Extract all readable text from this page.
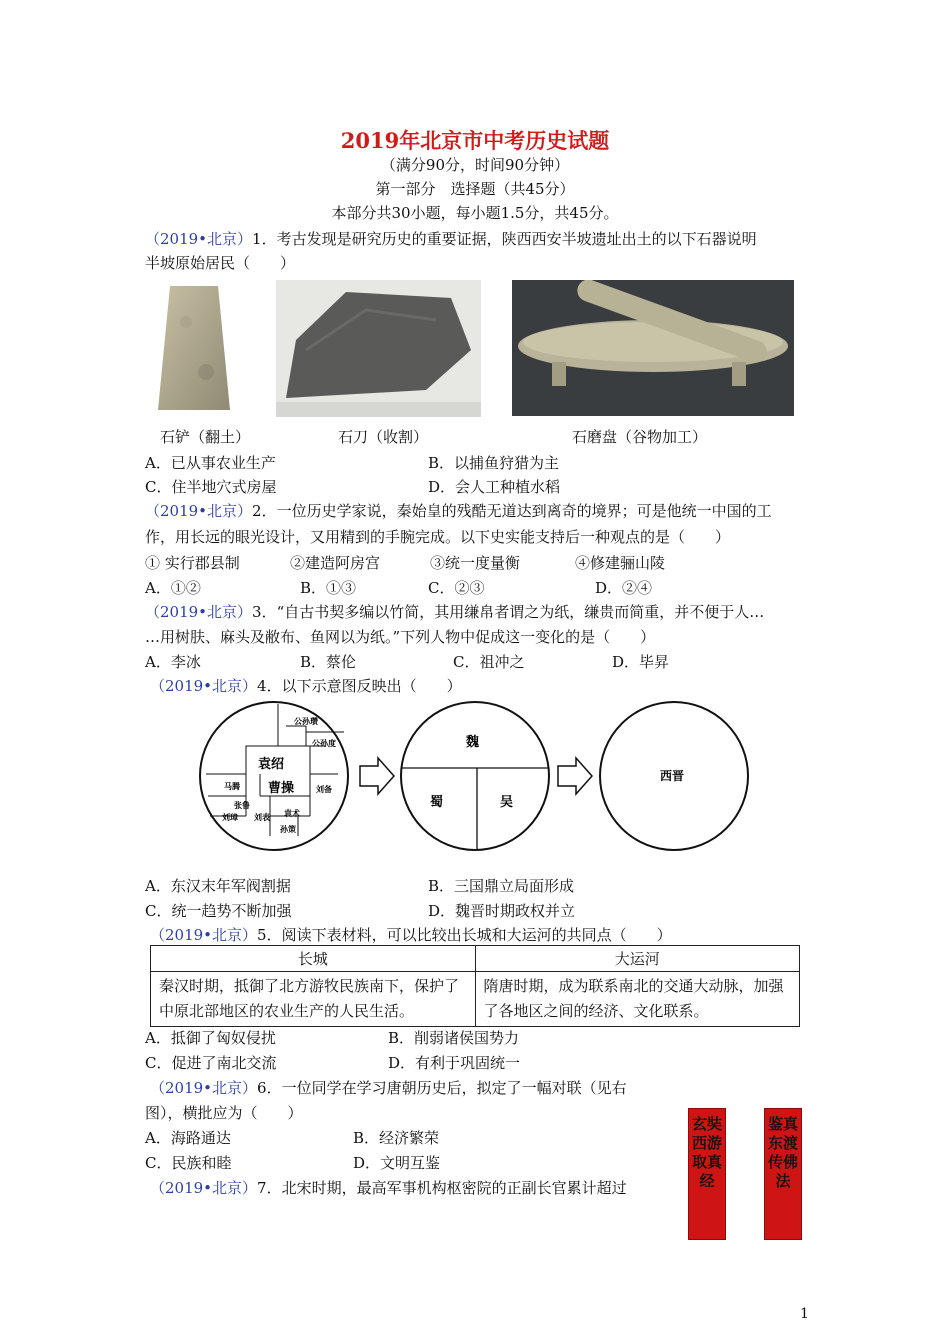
2019年北京市中考历史试题
（满分90分，时间90分钟）
第一部分　选择题（共45分）
本部分共30小题，每小题1.5分，共45分。
（2019•北京）1．考古发现是研究历史的重要证据，陕西西安半坡遗址出土的以下石器说明
半坡原始居民（　　）
石铲（翻土）	石刀（收割）	石磨盘（谷物加工）
A．已从事农业生产	B．以捕鱼狩猎为主
C．住半地穴式房屋	D．会人工种植水稻
（2019•北京）2．一位历史学家说，秦始皇的残酷无道达到离奇的境界；可是他统一中国的工
作，用长远的眼光设计，又用精到的手腕完成。以下史实能支持后一种观点的是（　　）
① 实行郡县制	②建造阿房宫	③统一度量衡	④修建骊山陵
A．①②	B．①③	C．②③	D．②④
（2019•北京）3．“自古书契多编以竹简，其用缣帛者谓之为纸，缣贵而简重，并不便于人…
…用树肤、麻头及敝布、鱼网以为纸。”下列人物中促成这一变化的是（　　）
A．李冰	B．蔡伦	C．祖冲之	D．毕昇
（2019•北京）4．以下示意图反映出（　　）
公孙瓒
公孙度
袁绍
曹操
马腾
张鲁
刘璋 刘表
孙策
袁术
刘备
魏
蜀	吴
西晋
A．东汉末年军阀割据	B．三国鼎立局面形成
C．统一趋势不断加强	D．魏晋时期政权并立
（2019•北京）5．阅读下表材料，可以比较出长城和大运河的共同点（　　）
长城	大运河
秦汉时期，抵御了北方游牧民族南下，保护了中原北部地区的农业生产的人民生活。	隋唐时期，成为联系南北的交通大动脉，加强了各地区之间的经济、文化联系。
A．抵御了匈奴侵扰	B．削弱诸侯国势力
C．促进了南北交流	D．有利于巩固统一
（2019•北京）6．一位同学在学习唐朝历史后，拟定了一幅对联（见右
图），横批应为（　　）
A．海路通达	B．经济繁荣
C．民族和睦	D．文明互鉴
玄奘西游取真经
鉴真东渡传佛法
（2019•北京）7．北宋时期，最高军事机构枢密院的正副长官累计超过
1
